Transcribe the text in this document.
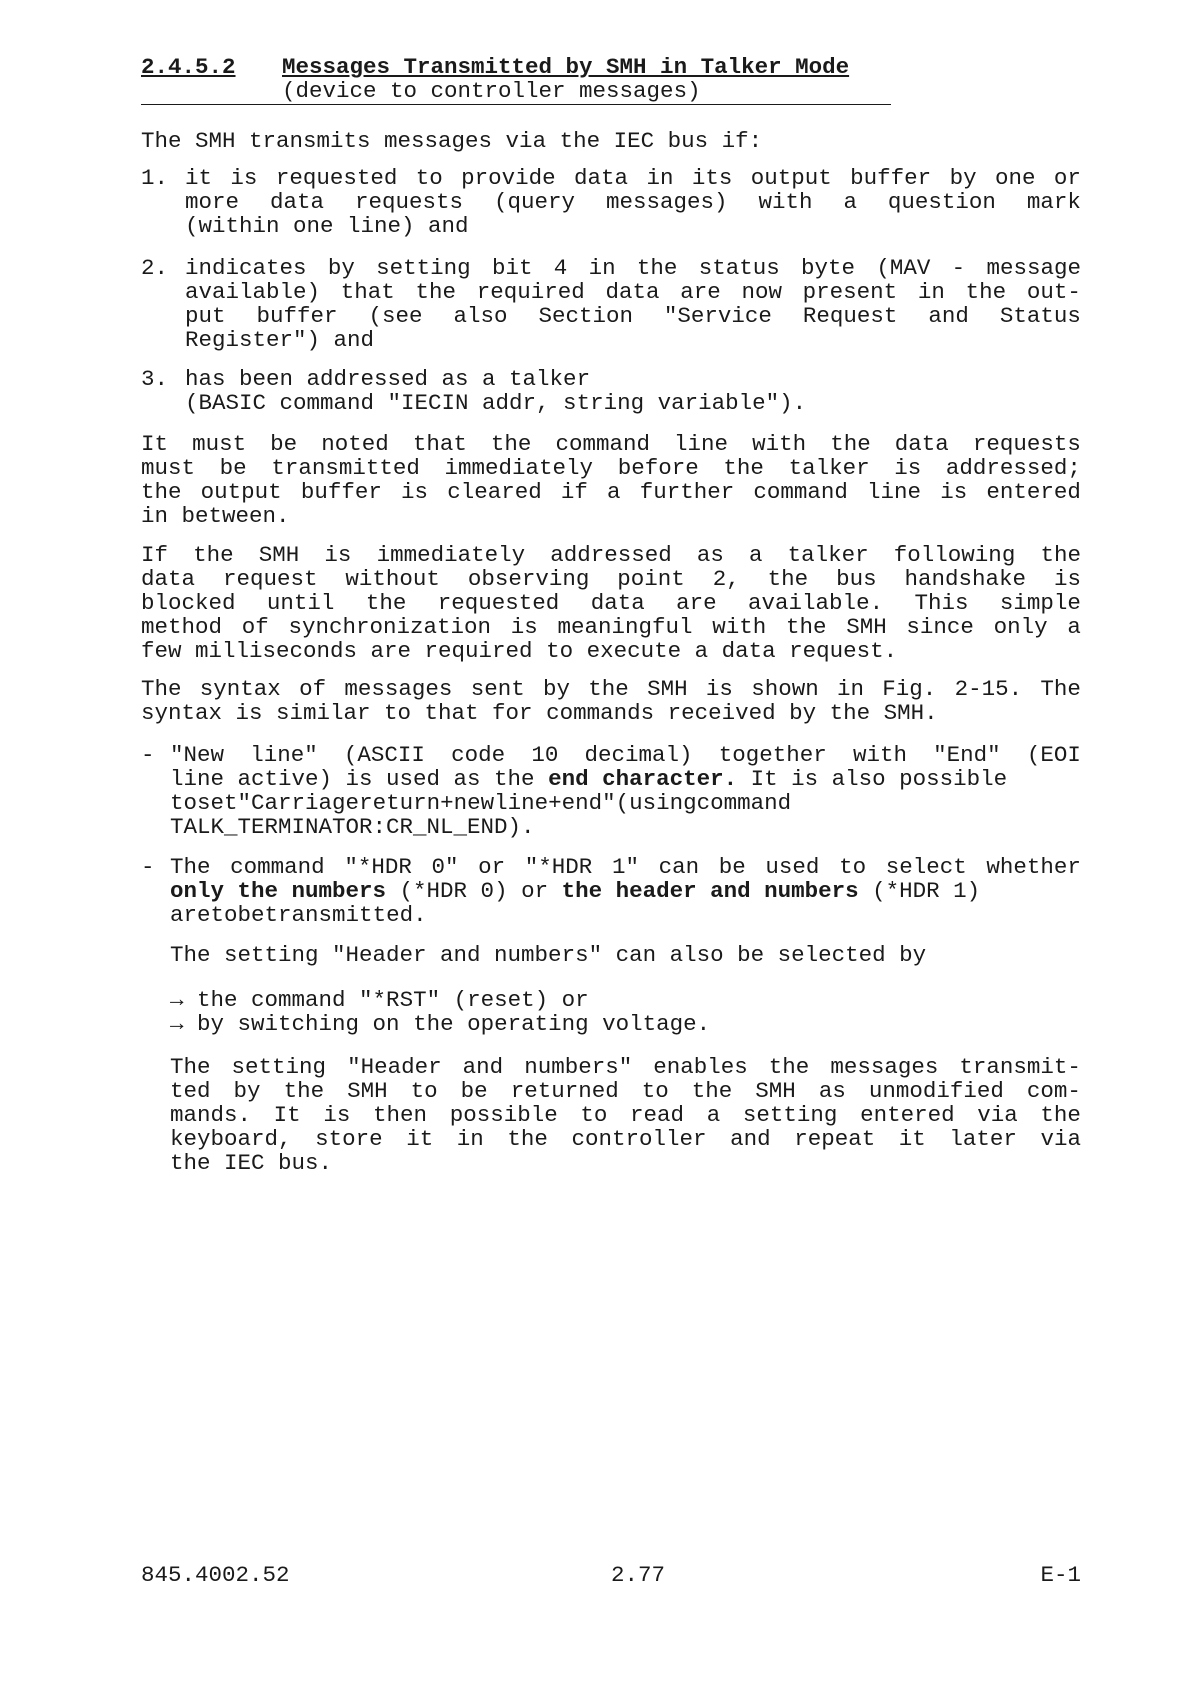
2.4.5.2 Messages Transmitted by SMH in Talker Mode
(device to controller messages)
The SMH transmits messages via the IEC bus if:
1. it is requested to provide data in its output buffer by one or
more data requests (query messages) with a question mark
(within one line) and
2. indicates by setting bit 4 in the status byte (MAV - message
available) that the required data are now present in the out-
put buffer (see also Section "Service Request and Status
Register") and
3. has been addressed as a talker
(BASIC command "IECIN addr, string variable").
It must be noted that the command line with the data requests
must be transmitted immediately before the talker is addressed;
the output buffer is cleared if a further command line is entered
in between.
If the SMH is immediately addressed as a talker following the
data request without observing point 2, the bus handshake is
blocked until the requested data are available. This simple
method of synchronization is meaningful with the SMH since only a
few milliseconds are required to execute a data request.
The syntax of messages sent by the SMH is shown in Fig. 2-15. The
syntax is similar to that for commands received by the SMH.
- "New line" (ASCII code 10 decimal) together with "End" (EOI
line active) is used as the end character. It is also possible
toset"Carriagereturn+newline+end"(usingcommand
TALK_TERMINATOR:CR_NL_END).
- The command "*HDR 0" or "*HDR 1" can be used to select whether
only the numbers (*HDR 0) or the header and numbers (*HDR 1)
aretobetransmitted.
The setting "Header and numbers" can also be selected by
→ the command "*RST" (reset) or
→ by switching on the operating voltage.
The setting "Header and numbers" enables the messages transmit-
ted by the SMH to be returned to the SMH as unmodified com-
mands. It is then possible to read a setting entered via the
keyboard, store it in the controller and repeat it later via
the IEC bus.
845.4002.52	2.77	E-1
